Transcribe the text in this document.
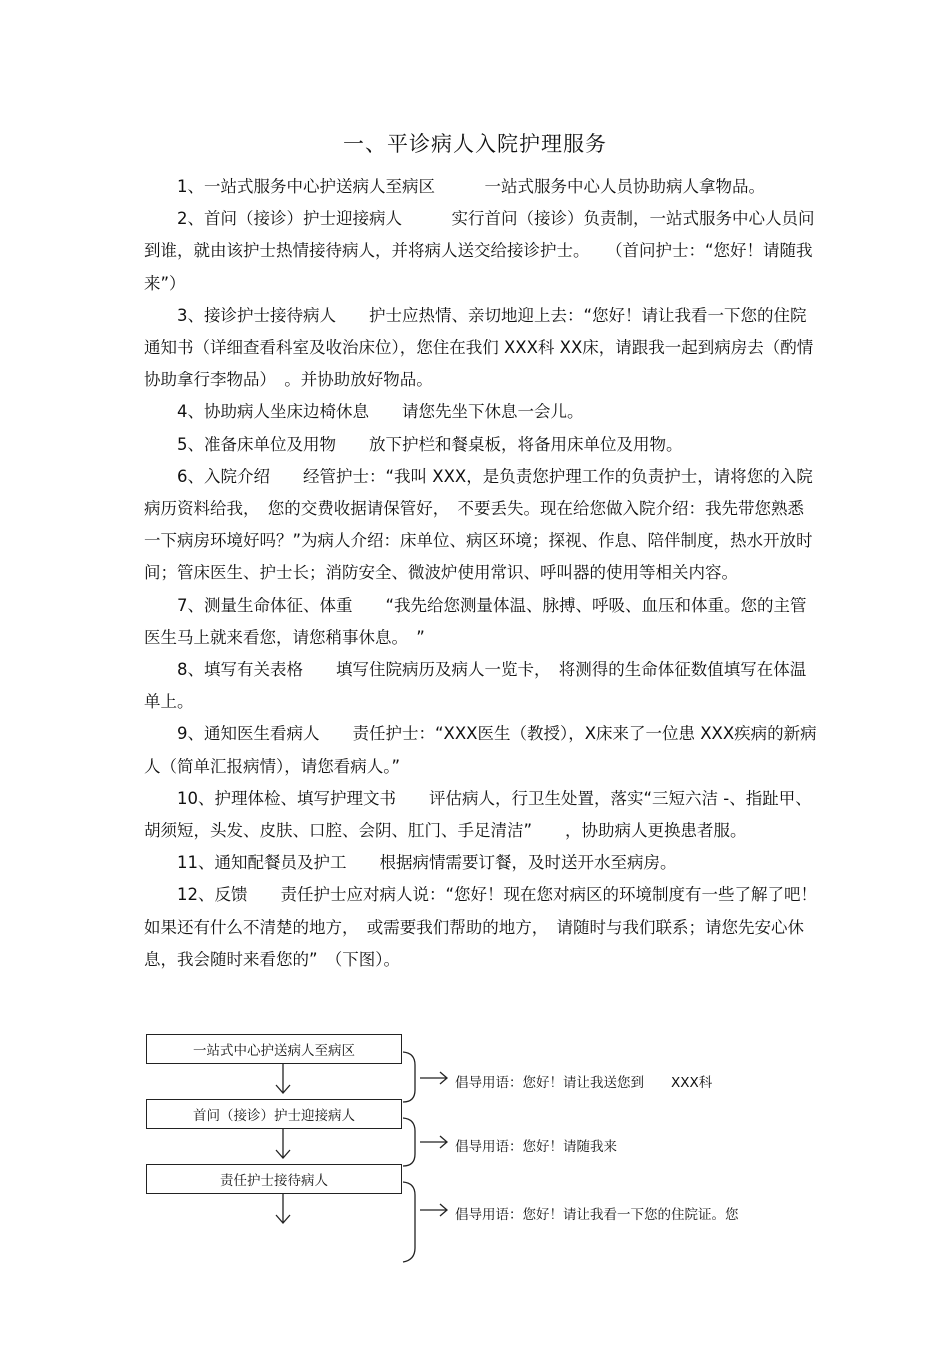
一、平诊病人入院护理服务

1、一站式服务中心护送病人至病区　　　一站式服务中心人员协助病人拿物品。

2、首问（接诊）护士迎接病人　　　实行首问（接诊）负责制，一站式服务中心人员问到谁，就由该护士热情接待病人，并将病人送交给接诊护士。　　（首问护士：“您好！请随我来”）

3、接诊护士接待病人　　护士应热情、亲切地迎上去：“您好！请让我看一下您的住院通知书（详细查看科室及收治床位），您住在我们 XXX科 XX床，请跟我一起到病房去（酌情协助拿行李物品）　。并协助放好物品。

4、协助病人坐床边椅休息　　请您先坐下休息一会儿。

5、准备床单位及用物　　放下护栏和餐桌板，将备用床单位及用物。

6、入院介绍　　经管护士：“我叫 XXX，是负责您护理工作的负责护士，请将您的入院病历资料给我，　您的交费收据请保管好，　不要丢失。现在给您做入院介绍：我先带您熟悉一下病房环境好吗？”为病人介绍：床单位、病区环境；探视、作息、陪伴制度，热水开放时间；管床医生、护士长；消防安全、微波炉使用常识、呼叫器的使用等相关内容。

7、测量生命体征、体重　　“我先给您测量体温、脉搏、呼吸、血压和体重。您的主管医生马上就来看您，请您稍事休息。　”

8、填写有关表格　　填写住院病历及病人一览卡，　将测得的生命体征数值填写在体温单上。

9、通知医生看病人　　责任护士：“XXX医生（教授），X床来了一位患 XXX疾病的新病人（简单汇报病情），请您看病人。”

10、护理体检、填写护理文书　　评估病人，行卫生处置，落实“三短六洁 -、指趾甲、胡须短，头发、皮肤、口腔、会阴、肛门、手足清洁”　　，协助病人更换患者服。

11、通知配餐员及护工　　根据病情需要订餐，及时送开水至病房。

12、反馈　　责任护士应对病人说：“您好！现在您对病区的环境制度有一些了解了吧！如果还有什么不清楚的地方，　或需要我们帮助的地方，　请随时与我们联系；请您先安心休息，我会随时来看您的”　（下图）。

一站式中心护送病人至病区
首问（接诊）护士迎接病人
责任护士接待病人
倡导用语：您好！请让我送您到　　XXX科
倡导用语：您好！请随我来
倡导用语：您好！请让我看一下您的住院证。您
